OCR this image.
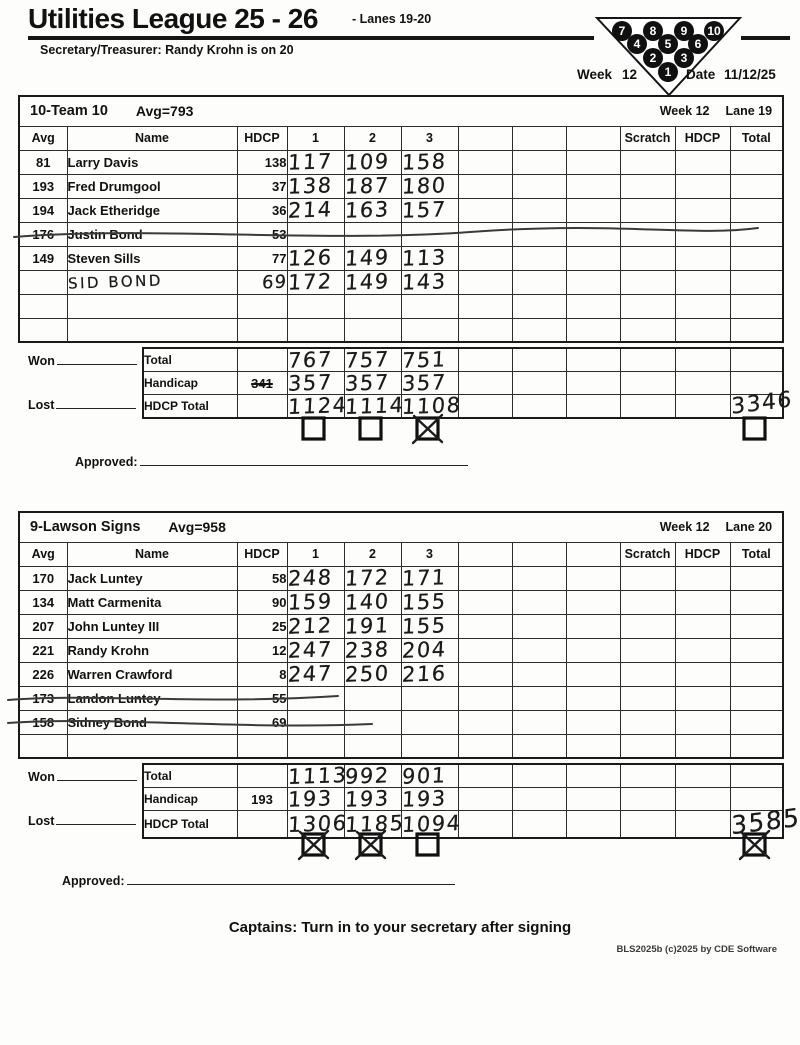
Utilities League 25 - 26	- Lanes 19-20
Secretary/Treasurer: Randy Krohn is on 20
7 8 9 10
4 5 6
2 3
1
Week 12	Date 11/12/25
10-Team 10 Avg=793 Week 12 Lane 19											

Avg	Name	HDCP	1	2	3				Scratch	HDCP	Total
81	Larry Davis	138	117	109	158						
193	Fred Drumgool	37	138	187	180						
194	Jack Etheridge	36	214	163	157						
176	Justin Bond	53									
149	Steven Sills	77	126	149	113						
	SID BOND	69	172	149	143						

Total		767	757	751						
Handicap	341	357	357	357						
HDCP Total		1124	1114	1108						3346
Won
Lost
Approved:
9-Lawson Signs Avg=958 Week 12 Lane 20											

Avg	Name	HDCP	1	2	3				Scratch	HDCP	Total
170	Jack Luntey	58	248	172	171						
134	Matt Carmenita	90	159	140	155						
207	John Luntey III	25	212	191	155						
221	Randy Krohn	12	247	238	204						
226	Warren Crawford	8	247	250	216						
173	Landon Luntey	55									
158	Sidney Bond	69									

Total		1113	992	901						
Handicap	193	193	193	193						
HDCP Total		1306	1185	1094						3585
Won
Lost
Approved:
Captains: Turn in to your secretary after signing
BLS2025b (c)2025 by CDE Software
